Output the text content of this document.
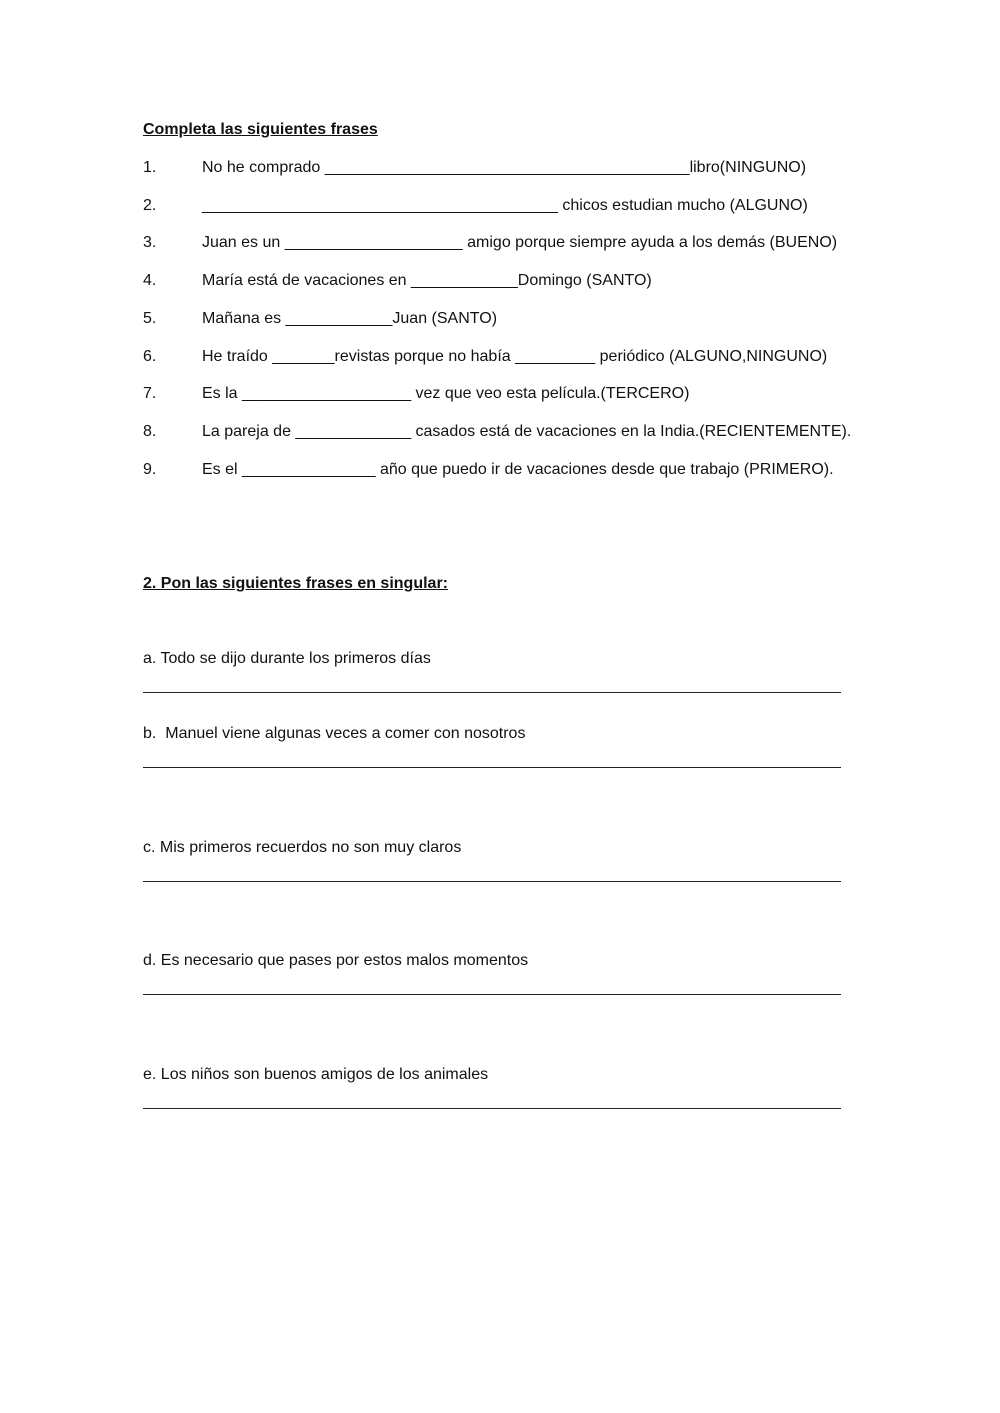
Completa las siguientes frases
1.	No he comprado _________________________________________libro(NINGUNO)
2.	________________________________________ chicos estudian mucho (ALGUNO)
3.	Juan es un ____________________ amigo porque siempre ayuda a los demás (BUENO)
4.	María está de vacaciones en ____________Domingo (SANTO)
5.	Mañana es ____________Juan (SANTO)
6.	He traído _______revistas porque no había _________ periódico (ALGUNO,NINGUNO)
7.	Es la ___________________ vez que veo esta película.(TERCERO)
8.	La pareja de _____________ casados está de vacaciones en la India.(RECIENTEMENTE).
9.	Es el _______________ año que puedo ir de vacaciones desde que trabajo (PRIMERO).
2. Pon las siguientes frases en singular:
a. Todo se dijo durante los primeros días
b.  Manuel viene algunas veces a comer con nosotros
c. Mis primeros recuerdos no son muy claros
d. Es necesario que pases por estos malos momentos
e. Los niños son buenos amigos de los animales
